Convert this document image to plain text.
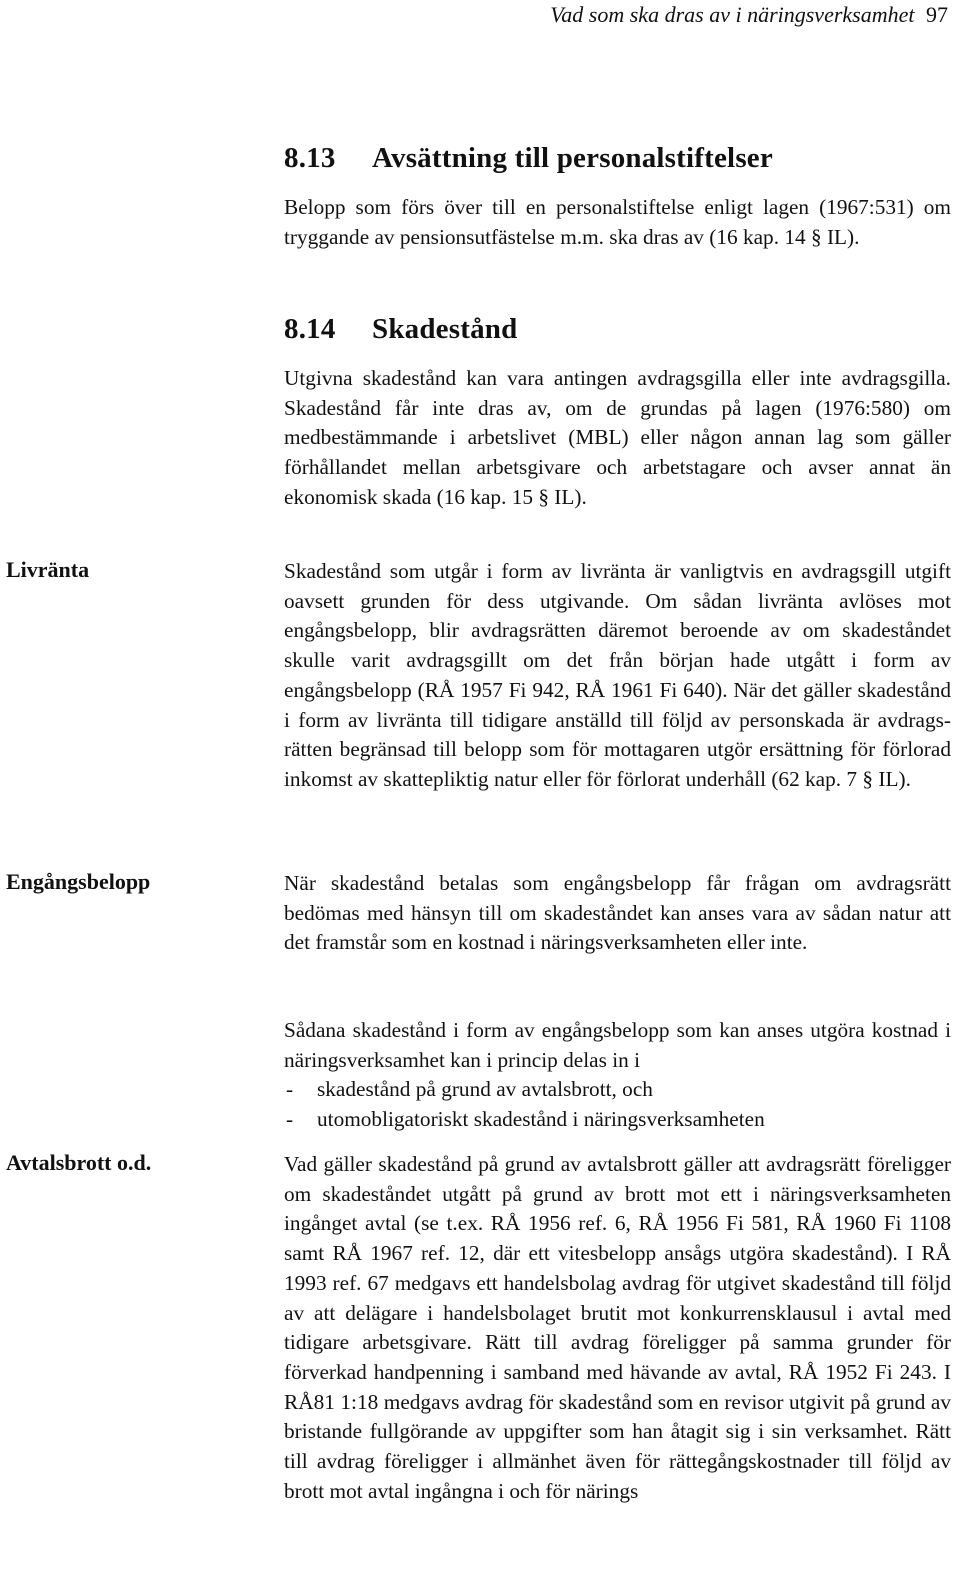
Vad som ska dras av i näringsverksamhet 97
8.13 Avsättning till personalstiftelser
Belopp som förs över till en personalstiftelse enligt lagen (1967:531) om tryggande av pensionsutfästelse m.m. ska dras av (16 kap. 14 § IL).
8.14 Skadestånd
Utgivna skadestånd kan vara antingen avdragsgilla eller inte avdragsgilla. Skadestånd får inte dras av, om de grundas på lagen (1976:580) om medbestämmande i arbetslivet (MBL) eller någon annan lag som gäller förhållandet mellan arbetsgivare och arbetstagare och avser annat än ekonomisk skada (16 kap. 15 § IL).
Livränta	Skadestånd som utgår i form av livränta är vanligtvis en avdragsgill utgift oavsett grunden för dess utgivande. Om sådan livränta avlöses mot engångsbelopp, blir avdragsrätten däremot beroende av om skadeståndet skulle varit avdragsgillt om det från början hade utgått i form av engångsbelopp (RÅ 1957 Fi 942, RÅ 1961 Fi 640). När det gäller skadestånd i form av livränta till tidigare anställd till följd av personskada är avdragsrätten begränsad till belopp som för mottagaren utgör ersättning för förlorad inkomst av skattepliktig natur eller för förlorat underhåll (62 kap. 7 § IL).
Engångsbelopp	När skadestånd betalas som engångsbelopp får frågan om avdragsrätt bedömas med hänsyn till om skadeståndet kan anses vara av sådan natur att det framstår som en kostnad i näringsverksamheten eller inte.
Sådana skadestånd i form av engångsbelopp som kan anses utgöra kostnad i näringsverksamhet kan i princip delas in i
- skadestånd på grund av avtalsbrott, och
- utomobligatoriskt skadestånd i näringsverksamheten
Avtalsbrott o.d.	Vad gäller skadestånd på grund av avtalsbrott gäller att avdragsrätt föreligger om skadeståndet utgått på grund av brott mot ett i näringsverksamheten ingånget avtal (se t.ex. RÅ 1956 ref. 6, RÅ 1956 Fi 581, RÅ 1960 Fi 1108 samt RÅ 1967 ref. 12, där ett vitesbelopp ansågs utgöra skadestånd). I RÅ 1993 ref. 67 medgavs ett handelsbolag avdrag för utgivet skadestånd till följd av att delägare i handelsbolaget brutit mot konkurrensklausul i avtal med tidigare arbetsgivare. Rätt till avdrag föreligger på samma grunder för förverkad handpenning i samband med hävande av avtal, RÅ 1952 Fi 243. I RÅ81 1:18 medgavs avdrag för skadestånd som en revisor utgivit på grund av bristande fullgörande av uppgifter som han åtagit sig i sin verksamhet. Rätt till avdrag föreligger i allmänhet även för rättegångskostnader till följd av brott mot avtal ingångna i och för närings
